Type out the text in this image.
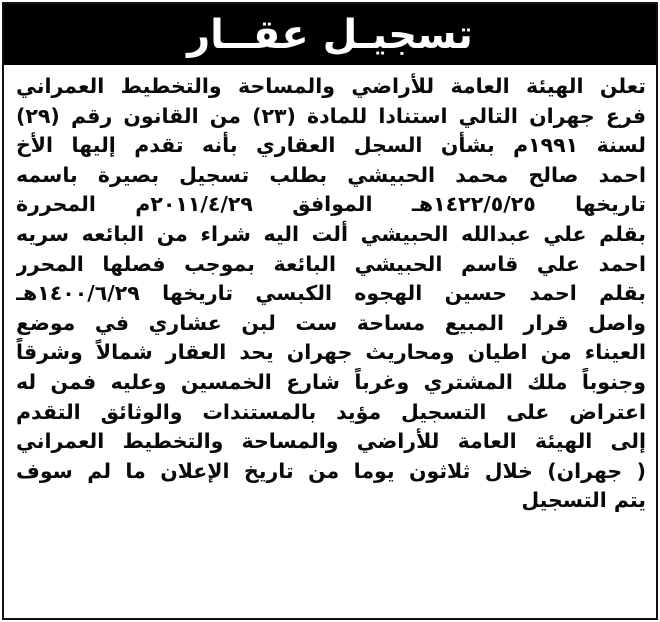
تسجيـل عقــار
تعلن الهيئة العامة للأراضي والمساحة والتخطيط العمراني
فرع جهران التالي استنادا للمادة (٢٣) من القانون رقم (٢٩)
لسنة ١٩٩١م بشأن السجل العقاري بأنه تقدم إليها الأخ
احمد صالح محمد الحبيشي بطلب تسجيل بصيرة باسمه
تاريخها ١٤٢٢/٥/٢٥هـ الموافق ٢٠١١/٤/٢٩م المحررة
بقلم علي عبدالله الحبيشي ألت اليه شراء من البائعه سريه
احمد علي قاسم الحبيشي البائعة بموجب فصلها المحرر
بقلم احمد حسين الهجوه الكبسي تاريخها ١٤٠٠/٦/٢٩هـ
واصل قرار المبيع مساحة ست لبن عشاري في موضع
العيناء من اطيان ومحاريث جهران يحد العقار شمالاً وشرقاً
وجنوباً ملك المشتري وغرباً شارع الخمسين وعليه فمن له
اعتراض على التسجيل مؤيد بالمستندات والوثائق التقدم
إلى الهيئة العامة للأراضي والمساحة والتخطيط العمراني
( جهران) خلال ثلاثون يوما من تاريخ الإعلان ما لم سوف
يتم التسجيل
